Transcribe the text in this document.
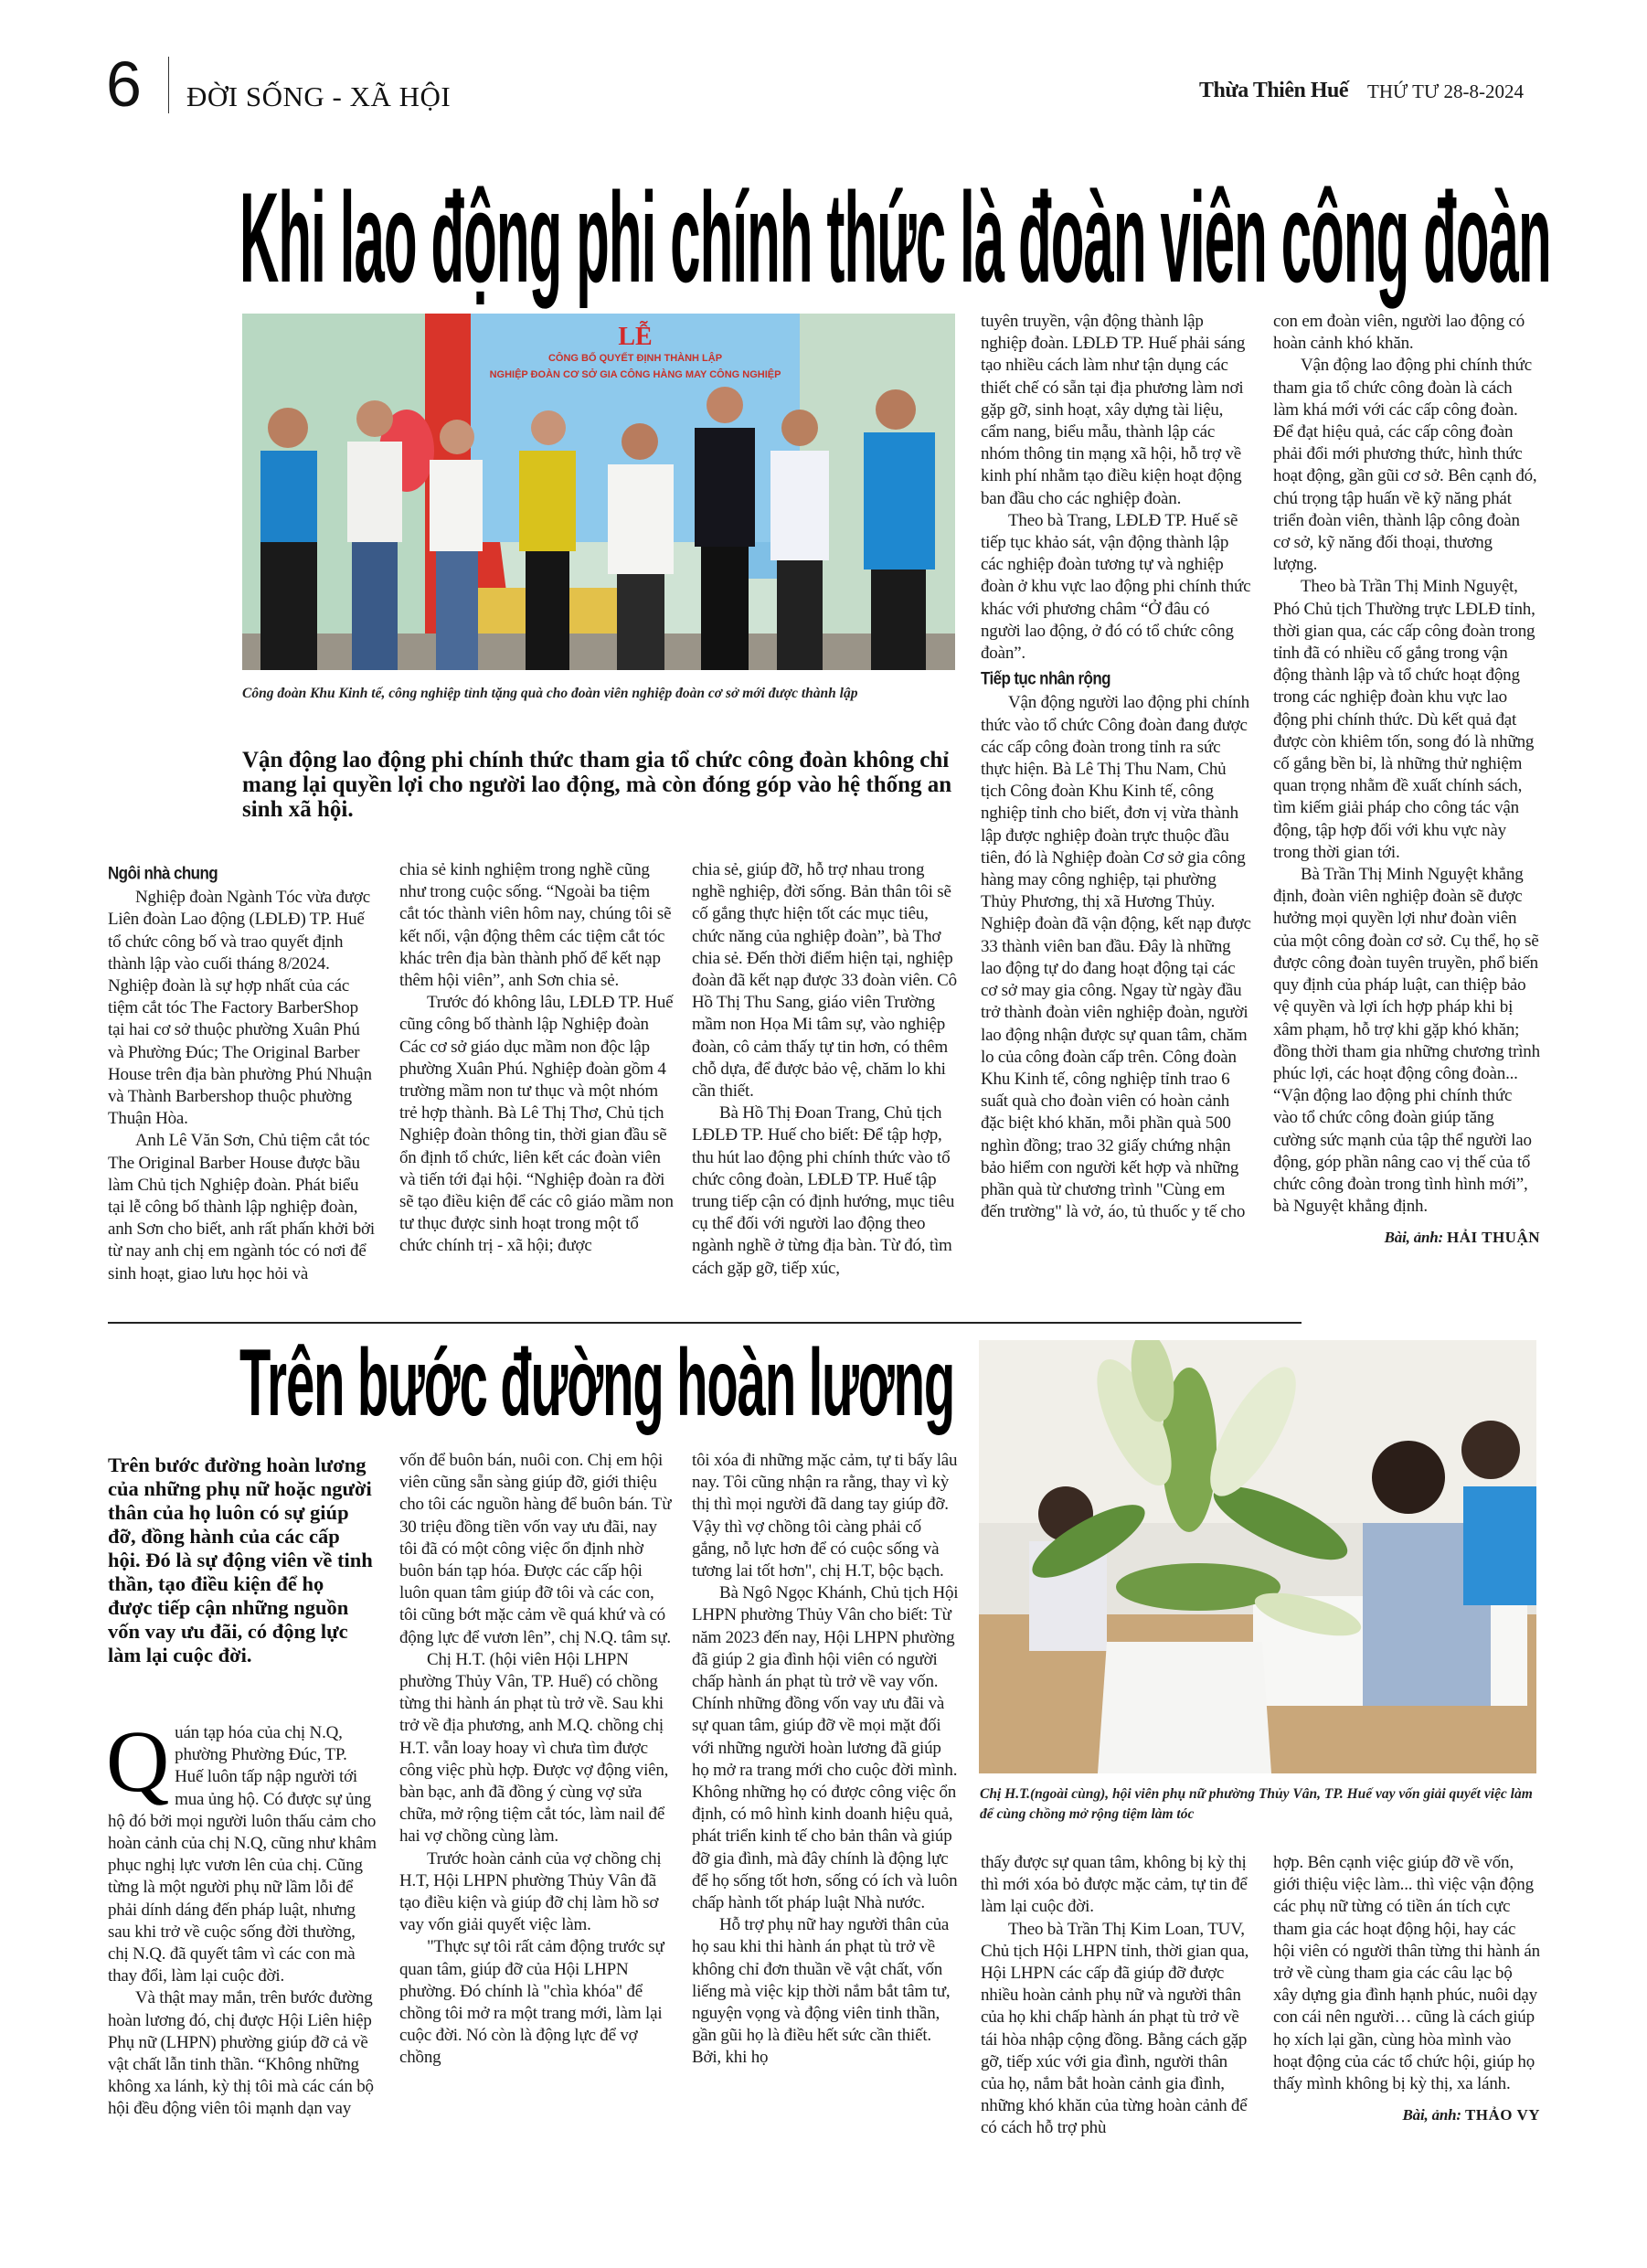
6 ĐỜI SỐNG - XÃ HỘI	Thừa Thiên Huế THỨ TƯ 28-8-2024
Khi lao động phi chính thức là đoàn viên công đoàn
LỄ
CÔNG BỐ QUYẾT ĐỊNH THÀNH LẬP
NGHIỆP ĐOÀN CƠ SỞ GIA CÔNG HÀNG MAY CÔNG NGHIỆP
Công đoàn Khu Kinh tế, công nghiệp tỉnh tặng quà cho đoàn viên nghiệp đoàn cơ sở mới được thành lập
Vận động lao động phi chính thức tham gia tổ chức công đoàn không chỉ mang lại quyền lợi cho người lao động, mà còn đóng góp vào hệ thống an sinh xã hội.
Ngôi nhà chung

Nghiệp đoàn Ngành Tóc vừa được Liên đoàn Lao động (LĐLĐ) TP. Huế tổ chức công bố và trao quyết định thành lập vào cuối tháng 8/2024. Nghiệp đoàn là sự hợp nhất của các tiệm cắt tóc The Factory BarberShop tại hai cơ sở thuộc phường Xuân Phú và Phường Đúc; The Original Barber House trên địa bàn phường Phú Nhuận và Thành Barbershop thuộc phường Thuận Hòa.

Anh Lê Văn Sơn, Chủ tiệm cắt tóc The Original Barber House được bầu làm Chủ tịch Nghiệp đoàn. Phát biểu tại lễ công bố thành lập nghiệp đoàn, anh Sơn cho biết, anh rất phấn khởi bởi từ nay anh chị em ngành tóc có nơi để sinh hoạt, giao lưu học hỏi và

chia sẻ kinh nghiệm trong nghề cũng như trong cuộc sống. “Ngoài ba tiệm cắt tóc thành viên hôm nay, chúng tôi sẽ kết nối, vận động thêm các tiệm cắt tóc khác trên địa bàn thành phố để kết nạp thêm hội viên”, anh Sơn chia sẻ.

Trước đó không lâu, LĐLĐ TP. Huế cũng công bố thành lập Nghiệp đoàn Các cơ sở giáo dục mầm non độc lập phường Xuân Phú. Nghiệp đoàn gồm 4 trường mầm non tư thục và một nhóm trẻ hợp thành. Bà Lê Thị Thơ, Chủ tịch Nghiệp đoàn thông tin, thời gian đầu sẽ ổn định tổ chức, liên kết các đoàn viên và tiến tới đại hội. “Nghiệp đoàn ra đời sẽ tạo điều kiện để các cô giáo mầm non tư thục được sinh hoạt trong một tổ chức chính trị - xã hội; được

chia sẻ, giúp đỡ, hỗ trợ nhau trong nghề nghiệp, đời sống. Bản thân tôi sẽ cố gắng thực hiện tốt các mục tiêu, chức năng của nghiệp đoàn”, bà Thơ chia sẻ. Đến thời điểm hiện tại, nghiệp đoàn đã kết nạp được 33 đoàn viên. Cô Hồ Thị Thu Sang, giáo viên Trường mầm non Họa Mi tâm sự, vào nghiệp đoàn, cô cảm thấy tự tin hơn, có thêm chỗ dựa, để được bảo vệ, chăm lo khi cần thiết.

Bà Hồ Thị Đoan Trang, Chủ tịch LĐLĐ TP. Huế cho biết: Để tập hợp, thu hút lao động phi chính thức vào tổ chức công đoàn, LĐLĐ TP. Huế tập trung tiếp cận có định hướng, mục tiêu cụ thể đối với người lao động theo ngành nghề ở từng địa bàn. Từ đó, tìm cách gặp gỡ, tiếp xúc,

tuyên truyền, vận động thành lập nghiệp đoàn. LĐLĐ TP. Huế phải sáng tạo nhiều cách làm như tận dụng các thiết chế có sẵn tại địa phương làm nơi gặp gỡ, sinh hoạt, xây dựng tài liệu, cẩm nang, biểu mẫu, thành lập các nhóm thông tin mạng xã hội, hỗ trợ về kinh phí nhằm tạo điều kiện hoạt động ban đầu cho các nghiệp đoàn.

Theo bà Trang, LĐLĐ TP. Huế sẽ tiếp tục khảo sát, vận động thành lập các nghiệp đoàn tương tự và nghiệp đoàn ở khu vực lao động phi chính thức khác với phương châm “Ở đâu có người lao động, ở đó có tổ chức công đoàn”.

Tiếp tục nhân rộng

Vận động người lao động phi chính thức vào tổ chức Công đoàn đang được các cấp công đoàn trong tỉnh ra sức thực hiện. Bà Lê Thị Thu Nam, Chủ tịch Công đoàn Khu Kinh tế, công nghiệp tỉnh cho biết, đơn vị vừa thành lập được nghiệp đoàn trực thuộc đầu tiên, đó là Nghiệp đoàn Cơ sở gia công hàng may công nghiệp, tại phường Thủy Phương, thị xã Hương Thủy. Nghiệp đoàn đã vận động, kết nạp được 33 thành viên ban đầu. Đây là những lao động tự do đang hoạt động tại các cơ sở may gia công. Ngay từ ngày đầu trở thành đoàn viên nghiệp đoàn, người lao động nhận được sự quan tâm, chăm lo của công đoàn cấp trên. Công đoàn Khu Kinh tế, công nghiệp tỉnh trao 6 suất quà cho đoàn viên có hoàn cảnh đặc biệt khó khăn, mỗi phần quà 500 nghìn đồng; trao 32 giấy chứng nhận bảo hiểm con người kết hợp và những phần quà từ chương trình "Cùng em đến trường" là vở, áo, tủ thuốc y tế cho

con em đoàn viên, người lao động có hoàn cảnh khó khăn.

Vận động lao động phi chính thức tham gia tổ chức công đoàn là cách làm khá mới với các cấp công đoàn. Để đạt hiệu quả, các cấp công đoàn phải đổi mới phương thức, hình thức hoạt động, gần gũi cơ sở. Bên cạnh đó, chú trọng tập huấn về kỹ năng phát triển đoàn viên, thành lập công đoàn cơ sở, kỹ năng đối thoại, thương lượng.

Theo bà Trần Thị Minh Nguyệt, Phó Chủ tịch Thường trực LĐLĐ tỉnh, thời gian qua, các cấp công đoàn trong tỉnh đã có nhiều cố gắng trong vận động thành lập và tổ chức hoạt động trong các nghiệp đoàn khu vực lao động phi chính thức. Dù kết quả đạt được còn khiêm tốn, song đó là những cố gắng bền bỉ, là những thử nghiệm quan trọng nhằm đề xuất chính sách, tìm kiếm giải pháp cho công tác vận động, tập hợp đối với khu vực này trong thời gian tới.

Bà Trần Thị Minh Nguyệt khẳng định, đoàn viên nghiệp đoàn sẽ được hưởng mọi quyền lợi như đoàn viên của một công đoàn cơ sở. Cụ thể, họ sẽ được công đoàn tuyên truyền, phổ biến quy định của pháp luật, can thiệp bảo vệ quyền và lợi ích hợp pháp khi bị xâm phạm, hỗ trợ khi gặp khó khăn; đồng thời tham gia những chương trình phúc lợi, các hoạt động công đoàn... “Vận động lao động phi chính thức vào tổ chức công đoàn giúp tăng cường sức mạnh của tập thể người lao động, góp phần nâng cao vị thế của tổ chức công đoàn trong tình hình mới”, bà Nguyệt khẳng định.

Bài, ảnh: HẢI THUẬN
Trên bước đường hoàn lương
Chị H.T.(ngoài cùng), hội viên phụ nữ phường Thủy Vân, TP. Huế vay vốn giải quyết việc làm để cùng chồng mở rộng tiệm làm tóc
Trên bước đường hoàn lương của những phụ nữ hoặc người thân của họ luôn có sự giúp đỡ, đồng hành của các cấp hội. Đó là sự động viên về tinh thần, tạo điều kiện để họ được tiếp cận những nguồn vốn vay ưu đãi, có động lực làm lại cuộc đời.

Quán tạp hóa của chị N.Q, phường Phường Đúc, TP. Huế luôn tấp nập người tới mua ủng hộ. Có được sự ủng hộ đó bởi mọi người luôn thấu cảm cho hoàn cảnh của chị N.Q, cũng như khâm phục nghị lực vươn lên của chị. Cũng từng là một người phụ nữ lầm lỗi để phải dính dáng đến pháp luật, nhưng sau khi trở về cuộc sống đời thường, chị N.Q. đã quyết tâm vì các con mà thay đổi, làm lại cuộc đời.

Và thật may mắn, trên bước đường hoàn lương đó, chị được Hội Liên hiệp Phụ nữ (LHPN) phường giúp đỡ cả về vật chất lẫn tinh thần. “Không những không xa lánh, kỳ thị tôi mà các cán bộ hội đều động viên tôi mạnh dạn vay

vốn để buôn bán, nuôi con. Chị em hội viên cũng sẵn sàng giúp đỡ, giới thiệu cho tôi các nguồn hàng để buôn bán. Từ 30 triệu đồng tiền vốn vay ưu đãi, nay tôi đã có một công việc ổn định nhờ buôn bán tạp hóa. Được các cấp hội luôn quan tâm giúp đỡ tôi và các con, tôi cũng bớt mặc cảm về quá khứ và có động lực để vươn lên”, chị N.Q. tâm sự.

Chị H.T. (hội viên Hội LHPN phường Thủy Vân, TP. Huế) có chồng từng thi hành án phạt tù trở về. Sau khi trở về địa phương, anh M.Q. chồng chị H.T. vẫn loay hoay vì chưa tìm được công việc phù hợp. Được vợ động viên, bàn bạc, anh đã đồng ý cùng vợ sửa chữa, mở rộng tiệm cắt tóc, làm nail để hai vợ chồng cùng làm.

Trước hoàn cảnh của vợ chồng chị H.T, Hội LHPN phường Thủy Vân đã tạo điều kiện và giúp đỡ chị làm hồ sơ vay vốn giải quyết việc làm.

"Thực sự tôi rất cảm động trước sự quan tâm, giúp đỡ của Hội LHPN phường. Đó chính là "chìa khóa" để chồng tôi mở ra một trang mới, làm lại cuộc đời. Nó còn là động lực để vợ chồng

tôi xóa đi những mặc cảm, tự ti bấy lâu nay. Tôi cũng nhận ra rằng, thay vì kỳ thị thì mọi người đã dang tay giúp đỡ. Vậy thì vợ chồng tôi càng phải cố gắng, nỗ lực hơn để có cuộc sống và tương lai tốt hơn", chị H.T, bộc bạch.

Bà Ngô Ngọc Khánh, Chủ tịch Hội LHPN phường Thủy Vân cho biết: Từ năm 2023 đến nay, Hội LHPN phường đã giúp 2 gia đình hội viên có người chấp hành án phạt tù trở về vay vốn. Chính những đồng vốn vay ưu đãi và sự quan tâm, giúp đỡ về mọi mặt đối với những người hoàn lương đã giúp họ mở ra trang mới cho cuộc đời mình. Không những họ có được công việc ổn định, có mô hình kinh doanh hiệu quả, phát triển kinh tế cho bản thân và giúp đỡ gia đình, mà đây chính là động lực để họ sống tốt hơn, sống có ích và luôn chấp hành tốt pháp luật Nhà nước.

Hỗ trợ phụ nữ hay người thân của họ sau khi thi hành án phạt tù trở về không chỉ đơn thuần về vật chất, vốn liếng mà việc kịp thời nắm bắt tâm tư, nguyện vọng và động viên tinh thần, gần gũi họ là điều hết sức cần thiết. Bởi, khi họ

thấy được sự quan tâm, không bị kỳ thị thì mới xóa bỏ được mặc cảm, tự tin để làm lại cuộc đời.

Theo bà Trần Thị Kim Loan, TUV, Chủ tịch Hội LHPN tỉnh, thời gian qua, Hội LHPN các cấp đã giúp đỡ được nhiều hoàn cảnh phụ nữ và người thân của họ khi chấp hành án phạt tù trở về tái hòa nhập cộng đồng. Bằng cách gặp gỡ, tiếp xúc với gia đình, người thân của họ, nắm bắt hoàn cảnh gia đình, những khó khăn của từng hoàn cảnh để có cách hỗ trợ phù

hợp. Bên cạnh việc giúp đỡ về vốn, giới thiệu việc làm... thì việc vận động các phụ nữ từng có tiền án tích cực tham gia các hoạt động hội, hay các hội viên có người thân từng thi hành án trở về cùng tham gia các câu lạc bộ xây dựng gia đình hạnh phúc, nuôi dạy con cái nên người… cũng là cách giúp họ xích lại gần, cùng hòa mình vào hoạt động của các tổ chức hội, giúp họ thấy mình không bị kỳ thị, xa lánh.

Bài, ảnh: THẢO VY
